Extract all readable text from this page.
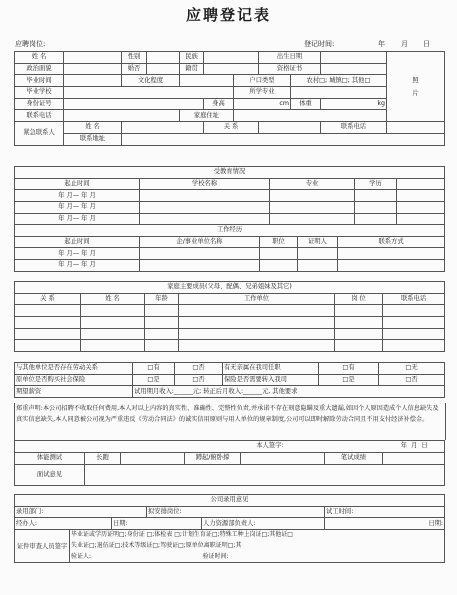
应聘登记表
应聘岗位:	登记时间:	年 月 日
姓 名		性别		民族			出生日期			照
片

政治面貌		婚否		籍贯			资格证书			
毕业时间		文化程度				户口类型		农村□; 城镇□; 其他□		
毕业学校						所学专业				
身份证号					身高	cm		体重	kg	
联系电话				家庭住址						
紧急联系人	姓 名				关 系				联系电话	
	联系地址									
受教育情况				
起止时间	学校名称	专业	学历	
年 月— 年 月				
年 月— 年 月				
年 月— 年 月				
工作经历				
起止时间	企/事业单位名称	职位	证明人	联系方式
年 月— 年 月				
年 月— 年 月				
家庭主要成员(父母、配偶、兄弟姐妹及其它)					
关 系	姓 名	年龄	工作单位	岗 位	联系电话

与其他单位是否存在劳动关系	□有	□否	有无亲属在我司任职	□有	□无
原单位是否购买社会保险	□是	□否	保险是否需要转入我司	□是	□否
期望薪资	试用期月收入:______元; 转正后月收入:______元, 其他要求				
郑重声明:本公司招聘不收取任何费用,本人对以上内容的真实性、准确性、完整性负责,并承诺不存在刻意隐瞒及重大遗漏,如因个人原因造成个人信息缺失及真实信息缺失,本人同意被公司视为严重违反《劳动合同法》的诚实信用原则与用人单位的规章制度,公司可以即时解除劳动合同且不用支付经济补偿金。
本人签字:		年 月 日
体能测试	长跑		蹲起/俯卧撑		笔试成绩	
面试意见						
公司录用意见					
录用部门:			拟安排岗位:		试工时间:
经办人:		日期:		人力资源部负责人:	日期:
证件审查人员签字	毕业证或学历证明□;身份证 □;体检表 □;计划生育证□;特殊工种上岗证□;其他证□				
	失业证□;退伍证□;技术等级证□;驾驶证□;原单位离职证明□;其				
	验证人:			验证时间:	
